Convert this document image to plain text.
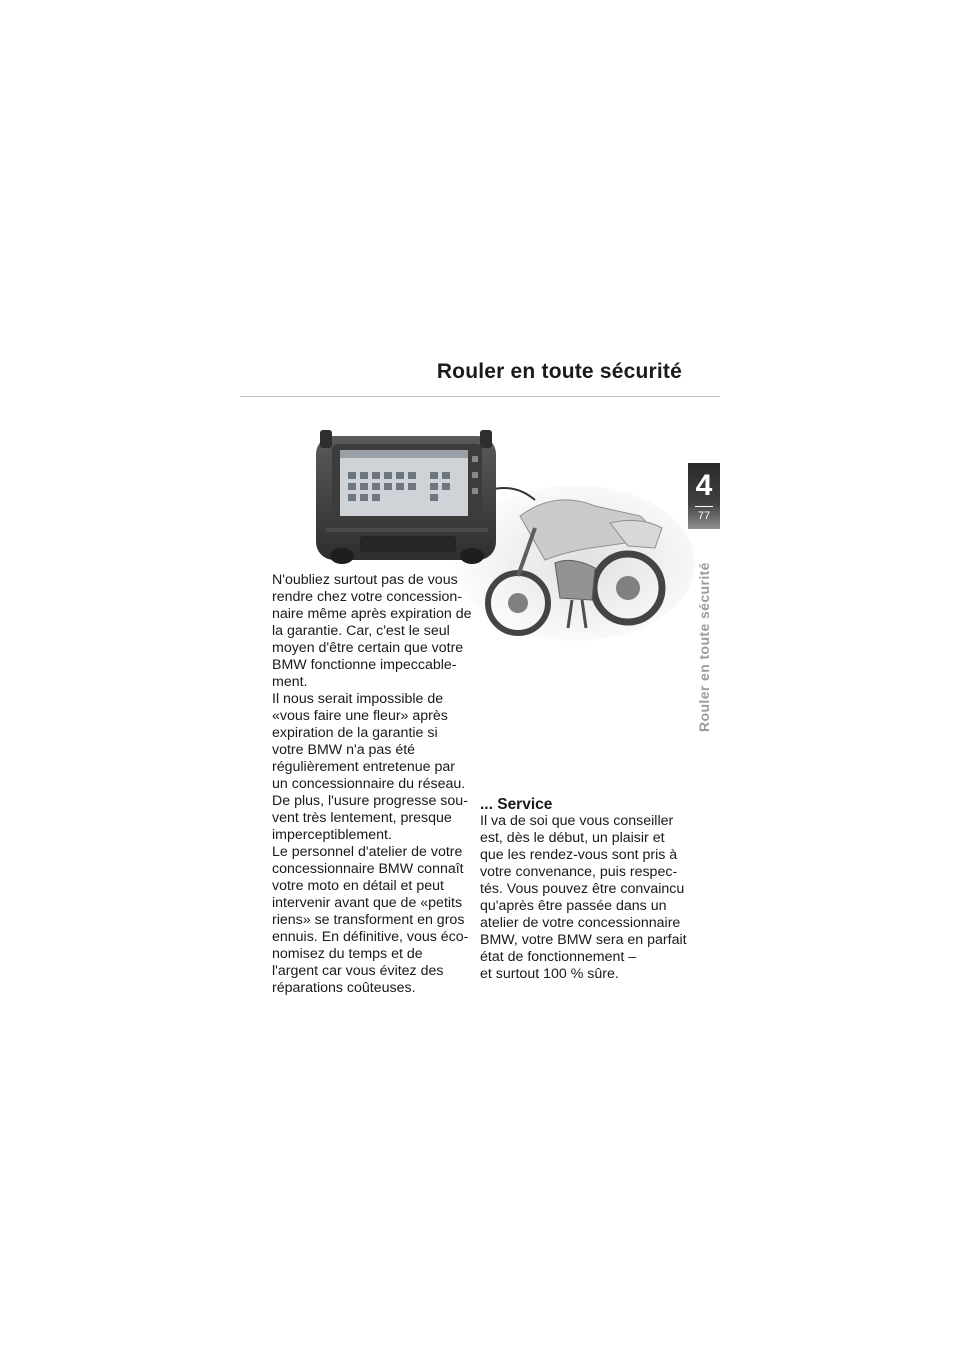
Rouler en toute sécurité
4
77
Rouler en toute sécurité

N'oubliez surtout pas de vous rendre chez votre concessionnaire même après expiration de la garantie. Car, c'est le seul moyen d'être certain que votre BMW fonctionne impeccablement.

Il nous serait impossible de «vous faire une fleur» après expiration de la garantie si votre BMW n'a pas été régulièrement entretenue par un concessionnaire du réseau.

De plus, l'usure progresse souvent très lentement, presque imperceptiblement.

Le personnel d'atelier de votre concessionnaire BMW connaît votre moto en détail et peut intervenir avant que de «petits riens» se transforment en gros ennuis. En définitive, vous économisez du temps et de l'argent car vous évitez des réparations coûteuses.

... Service

Il va de soi que vous conseiller est, dès le début, un plaisir et que les rendez-vous sont pris à votre convenance, puis respectés. Vous pouvez être convaincu qu'après être passée dans un atelier de votre concessionnaire BMW, votre BMW sera en parfait état de fonctionnement –

et surtout 100 % sûre.
